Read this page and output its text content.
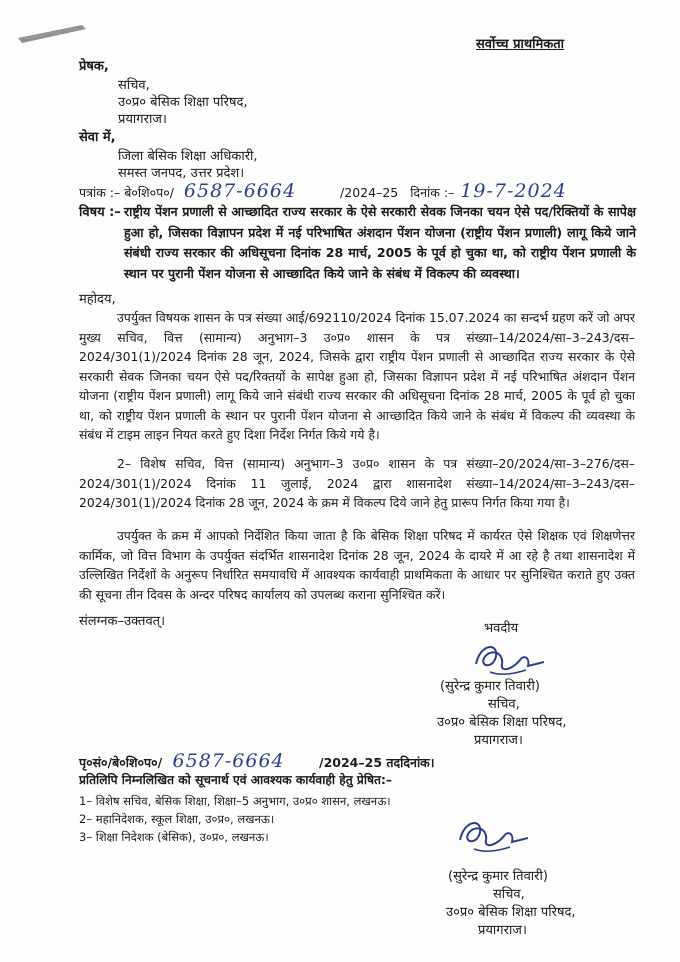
सर्वोच्च प्राथमिकता
प्रेषक,
सचिव,
उ०प्र० बेसिक शिक्षा परिषद,
प्रयागराज।
सेवा में,
जिला बेसिक शिक्षा अधिकारी,
समस्त जनपद, उत्तर प्रदेश।
पत्रांक :– बे०शि०प०/ 6587-6664	/2024–25 दिनांक :– 19-7-2024
विषय :– राष्ट्रीय पेंशन प्रणाली से आच्छादित राज्य सरकार के ऐसे सरकारी सेवक जिनका चयन ऐसे पद/रिक्तियों के सापेक्ष हुआ हो, जिसका विज्ञापन प्रदेश में नई परिभाषित अंशदान पेंशन योजना (राष्ट्रीय पेंशन प्रणाली) लागू किये जाने संबंधी राज्य सरकार की अधिसूचना दिनांक 28 मार्च, 2005 के पूर्व हो चुका था, को राष्ट्रीय पेंशन प्रणाली के स्थान पर पुरानी पेंशन योजना से आच्छादित किये जाने के संबंध में विकल्प की व्यवस्था।
महोदय,
उपर्युक्त विषयक शासन के पत्र संख्या आई/692110/2024 दिनांक 15.07.2024 का सन्दर्भ ग्रहण करें जो अपर मुख्य सचिव, वित्त (सामान्य) अनुभाग–3 उ०प्र० शासन के पत्र संख्या–14/2024/सा–3–243/दस–2024/301(1)/2024 दिनांक 28 जून, 2024, जिसके द्वारा राष्ट्रीय पेंशन प्रणाली से आच्छादित राज्य सरकार के ऐसे सरकारी सेवक जिनका चयन ऐसे पद/रिक्तयों के सापेक्ष हुआ हो, जिसका विज्ञापन प्रदेश में नई परिभाषित अंशदान पेंशन योजना (राष्ट्रीय पेंशन प्रणाली) लागू किये जाने संबंधी राज्य सरकार की अधिसूचना दिनांक 28 मार्च, 2005 के पूर्व हो चुका था, को राष्ट्रीय पेंशन प्रणाली के स्थान पर पुरानी पेंशन योजना से आच्छादित किये जाने के संबंध में विकल्प की व्यवस्था के संबंध में टाइम लाइन नियत करते हुए दिशा निर्देश निर्गत किये गये है।
2– विशेष सचिव, वित्त (सामान्य) अनुभाग–3 उ०प्र० शासन के पत्र संख्या–20/2024/सा–3–276/दस–2024/301(1)/2024 दिनांक 11 जुलाई, 2024 द्वारा शासनादेश संख्या–14/2024/सा–3–243/दस–2024/301(1)/2024 दिनांक 28 जून, 2024 के क्रम में विकल्प दिये जाने हेतु प्रारूप निर्गत किया गया है।
उपर्युक्त के क्रम में आपको निर्देशित किया जाता है कि बेसिक शिक्षा परिषद में कार्यरत ऐसे शिक्षक एवं शिक्षणेत्तर कार्मिक, जो वित्त विभाग के उपर्युक्त संदर्भित शासनादेश दिनांक 28 जून, 2024 के दायरे में आ रहे है तथा शासनादेश में उल्लिखित निर्देशों के अनुरूप निर्धारित समयावधि में आवश्यक कार्यवाही प्राथमिकता के आधार पर सुनिश्चित कराते हुए उक्त की सूचना तीन दिवस के अन्दर परिषद कार्यालय को उपलब्ध कराना सुनिश्चित करें।
संलग्नक–उक्तवत्।	भवदीय
(सुरेन्द्र कुमार तिवारी)
सचिव,
उ०प्र० बेसिक शिक्षा परिषद,
प्रयागराज।
पृ०सं०/बे०शि०प०/ 6587-6664	/2024–25 तददिनांक।
प्रतिलिपि निम्नलिखित को सूचनार्थ एवं आवश्यक कार्यवाही हेतु प्रेषित:–
1– विशेष सचिव, बेसिक शिक्षा, शिक्षा–5 अनुभाग, उ०प्र० शासन, लखनऊ।
2– महानिदेशक, स्कूल शिक्षा, उ०प्र०, लखनऊ।
3– शिक्षा निदेशक (बेसिक), उ०प्र०, लखनऊ।
(सुरेन्द्र कुमार तिवारी)
सचिव,
उ०प्र० बेसिक शिक्षा परिषद,
प्रयागराज।
